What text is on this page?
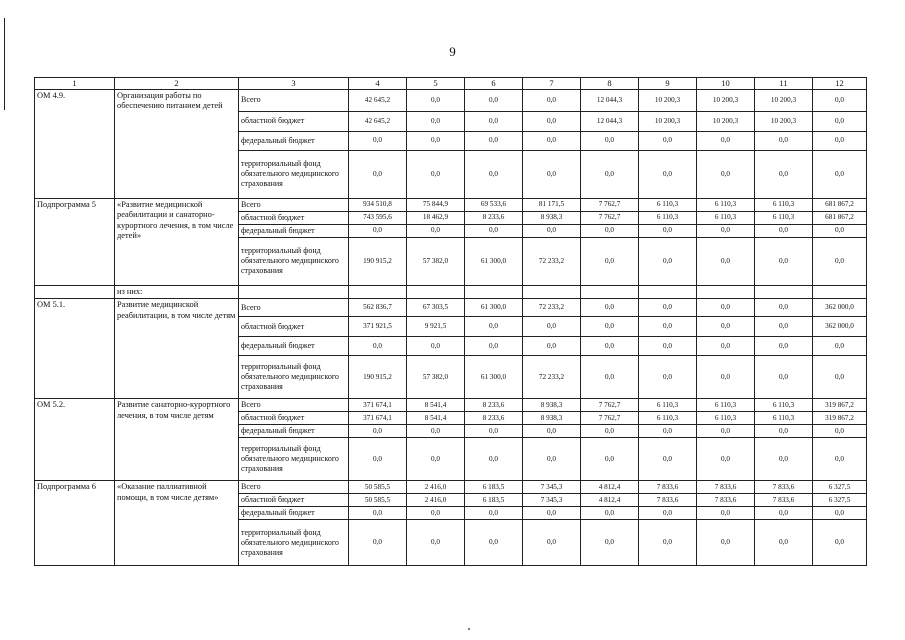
9
1	2	3	4	5	6	7	8	9	10	11	12
ОМ 4.9.	Организация работы по обеспечению питанием детей	Всего	42 645,2	0,0	0,0	0,0	12 044,3	10 200,3	10 200,3	10 200,3	0,0
		областной бюджет	42 645,2	0,0	0,0	0,0	12 044,3	10 200,3	10 200,3	10 200,3	0,0
		федеральный бюджет	0,0	0,0	0,0	0,0	0,0	0,0	0,0	0,0	0,0
		территориальный фонд обязательного медицинского страхования	0,0	0,0	0,0	0,0	0,0	0,0	0,0	0,0	0,0
Подпрограмма 5	«Развитие медицинской реабилитации и санаторно-курортного лечения, в том числе детей»	Всего	934 510,8	75 844,9	69 533,6	81 171,5	7 762,7	6 110,3	6 110,3	6 110,3	681 867,2
		областной бюджет	743 595,6	18 462,9	8 233,6	8 938,3	7 762,7	6 110,3	6 110,3	6 110,3	681 867,2
		федеральный бюджет	0,0	0,0	0,0	0,0	0,0	0,0	0,0	0,0	0,0
		территориальный фонд обязательного медицинского страхования	190 915,2	57 382,0	61 300,0	72 233,2	0,0	0,0	0,0	0,0	0,0
	из них:										
ОМ 5.1.	Развитие медицинской реабилитации, в том числе детям	Всего	562 836,7	67 303,5	61 300,0	72 233,2	0,0	0,0	0,0	0,0	362 000,0
		областной бюджет	371 921,5	9 921,5	0,0	0,0	0,0	0,0	0,0	0,0	362 000,0
		федеральный бюджет	0,0	0,0	0,0	0,0	0,0	0,0	0,0	0,0	0,0
		территориальный фонд обязательного медицинского страхования	190 915,2	57 382,0	61 300,0	72 233,2	0,0	0,0	0,0	0,0	0,0
ОМ 5.2.	Развитие санаторно-курортного лечения, в том числе детям	Всего	371 674,1	8 541,4	8 233,6	8 938,3	7 762,7	6 110,3	6 110,3	6 110,3	319 867,2
		областной бюджет	371 674,1	8 541,4	8 233,6	8 938,3	7 762,7	6 110,3	6 110,3	6 110,3	319 867,2
		федеральный бюджет	0,0	0,0	0,0	0,0	0,0	0,0	0,0	0,0	0,0
		территориальный фонд обязательного медицинского страхования	0,0	0,0	0,0	0,0	0,0	0,0	0,0	0,0	0,0
Подпрограмма 6	«Оказание паллиативной помощи, в том числе детям»	Всего	50 585,5	2 416,0	6 183,5	7 345,3	4 812,4	7 833,6	7 833,6	7 833,6	6 327,5
		областной бюджет	50 585,5	2 416,0	6 183,5	7 345,3	4 812,4	7 833,6	7 833,6	7 833,6	6 327,5
		федеральный бюджет	0,0	0,0	0,0	0,0	0,0	0,0	0,0	0,0	0,0
		территориальный фонд обязательного медицинского страхования	0,0	0,0	0,0	0,0	0,0	0,0	0,0	0,0	0,0
